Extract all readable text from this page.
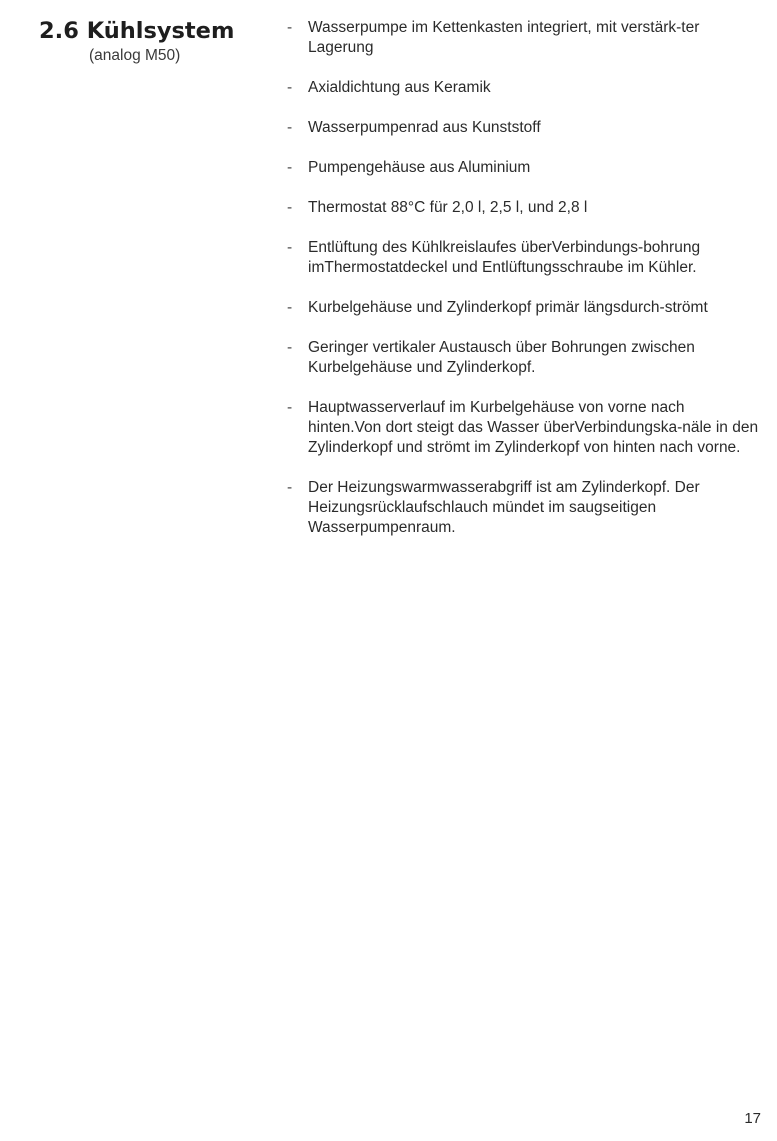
2.6 Kühlsystem

(analog M50)

-	Wasserpumpe im Kettenkasten integriert, mit verstärk-ter Lagerung
-	Axialdichtung aus Keramik
-	Wasserpumpenrad aus Kunststoff
-	Pumpengehäuse aus Aluminium
-	Thermostat 88°C für 2,0 l, 2,5 l, und 2,8 l
-	Entlüftung des Kühlkreislaufes überVerbindungs-bohrung imThermostatdeckel und Entlüftungsschraube im Kühler.
-	Kurbelgehäuse und Zylinderkopf primär längsdurch-strömt
-	Geringer vertikaler Austausch über Bohrungen zwischen Kurbelgehäuse und Zylinderkopf.
-	Hauptwasserverlauf im Kurbelgehäuse von vorne nach hinten.Von dort steigt das Wasser überVerbindungska-näle in den Zylinderkopf und strömt im Zylinderkopf von hinten nach vorne.
-	Der Heizungswarmwasserabgriff ist am Zylinderkopf. Der Heizungsrücklaufschlauch mündet im saugseitigen Wasserpumpenraum.
17
